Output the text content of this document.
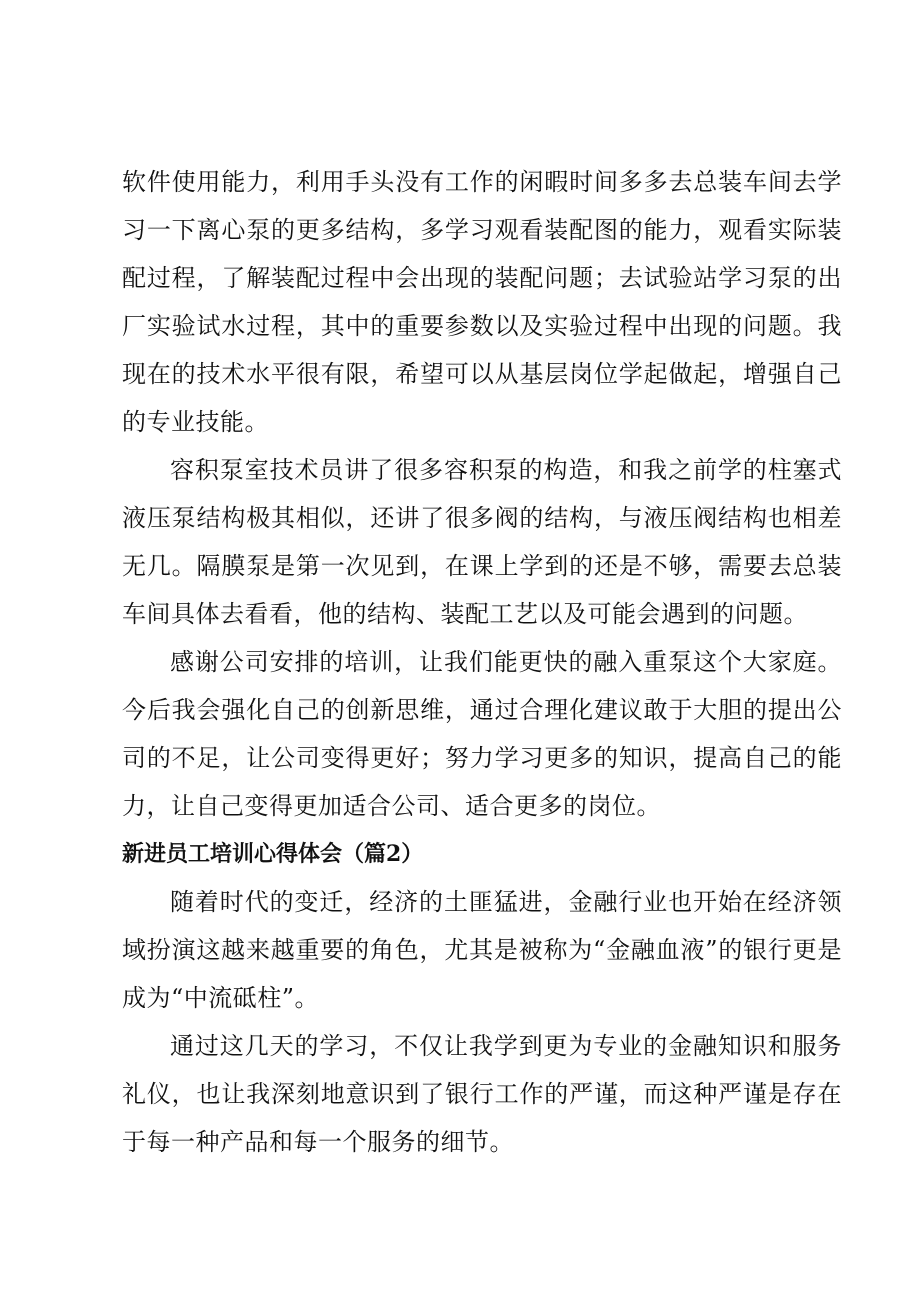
软件使用能力，利用手头没有工作的闲暇时间多多去总装车间去学习一下离心泵的更多结构，多学习观看装配图的能力，观看实际装配过程，了解装配过程中会出现的装配问题；去试验站学习泵的出厂实验试水过程，其中的重要参数以及实验过程中出现的问题。我现在的技术水平很有限，希望可以从基层岗位学起做起，增强自己的专业技能。

容积泵室技术员讲了很多容积泵的构造，和我之前学的柱塞式液压泵结构极其相似，还讲了很多阀的结构，与液压阀结构也相差无几。隔膜泵是第一次见到，在课上学到的还是不够，需要去总装车间具体去看看，他的结构、装配工艺以及可能会遇到的问题。

感谢公司安排的培训，让我们能更快的融入重泵这个大家庭。今后我会强化自己的创新思维，通过合理化建议敢于大胆的提出公司的不足，让公司变得更好；努力学习更多的知识，提高自己的能力，让自己变得更加适合公司、适合更多的岗位。

新进员工培训心得体会（篇2）

随着时代的变迁，经济的土匪猛进，金融行业也开始在经济领域扮演这越来越重要的角色，尤其是被称为“金融血液”的银行更是成为“中流砥柱”。

通过这几天的学习，不仅让我学到更为专业的金融知识和服务礼仪，也让我深刻地意识到了银行工作的严谨，而这种严谨是存在于每一种产品和每一个服务的细节。
